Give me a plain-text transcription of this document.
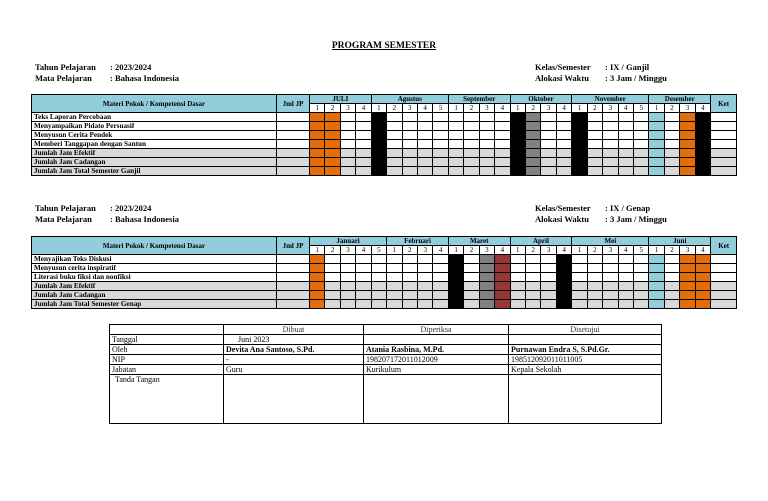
PROGRAM SEMESTER
Tahun Pelajaran : 2023/2024
Mata Pelajaran : Bahasa Indonesia
Kelas/Semester : IX / Ganjil
Alokasi Waktu : 3 Jam / Minggu
Materi Pokok / Kompetensi Dasar	Jml JP	JULI				Agustus					September				Oktober				November					Desember				Ket
		1	2	3	4	1	2	3	4	5	1	2	3	4	1	2	3	4	1	2	3	4	5	1	2	3	4	
Teks Laporan Percobaan																												
Menyampaikan Pidato Persuasif																												
Menyusun Cerita Pendek																												
Memberi Tanggapan dengan Santun																												
Jumlah Jam Efektif																												
Jumlah Jam Cadangan																												
Jumlah Jam Total Semester Ganjil																												
Tahun Pelajaran : 2023/2024
Mata Pelajaran : Bahasa Indonesia
Kelas/Semester : IX / Genap
Alokasi Waktu : 3 Jam / Minggu
Materi Pokok / Kompetensi Dasar	Jml JP	Januari					Februari				Maret				April				Mei					Juni				Ket
		1	2	3	4	5	1	2	3	4	1	2	3	4	1	2	3	4	1	2	3	4	5	1	2	3	4	
Menyajikan Teks Diskusi																												
Menyusun cerita inspiratif																												
Literasi buku fiksi dan nonfiksi																												
Jumlah Jam Efektif																												
Jumlah Jam Cadangan																												
Jumlah Jam Total Semester Genap																												
	Dibuat	Diperiksa	Disetujui
Tanggal	Juni 2023		
Oleh	Devita Ana Santoso, S.Pd.	Atania Rasbina, M.Pd.	Purnawan Endra S, S.Pd.Gr.
NIP	-	198207172011012009	198512092011011005
Jabatan	Guru	Kurikulum	Kepala Sekolah
Tanda Tangan			
